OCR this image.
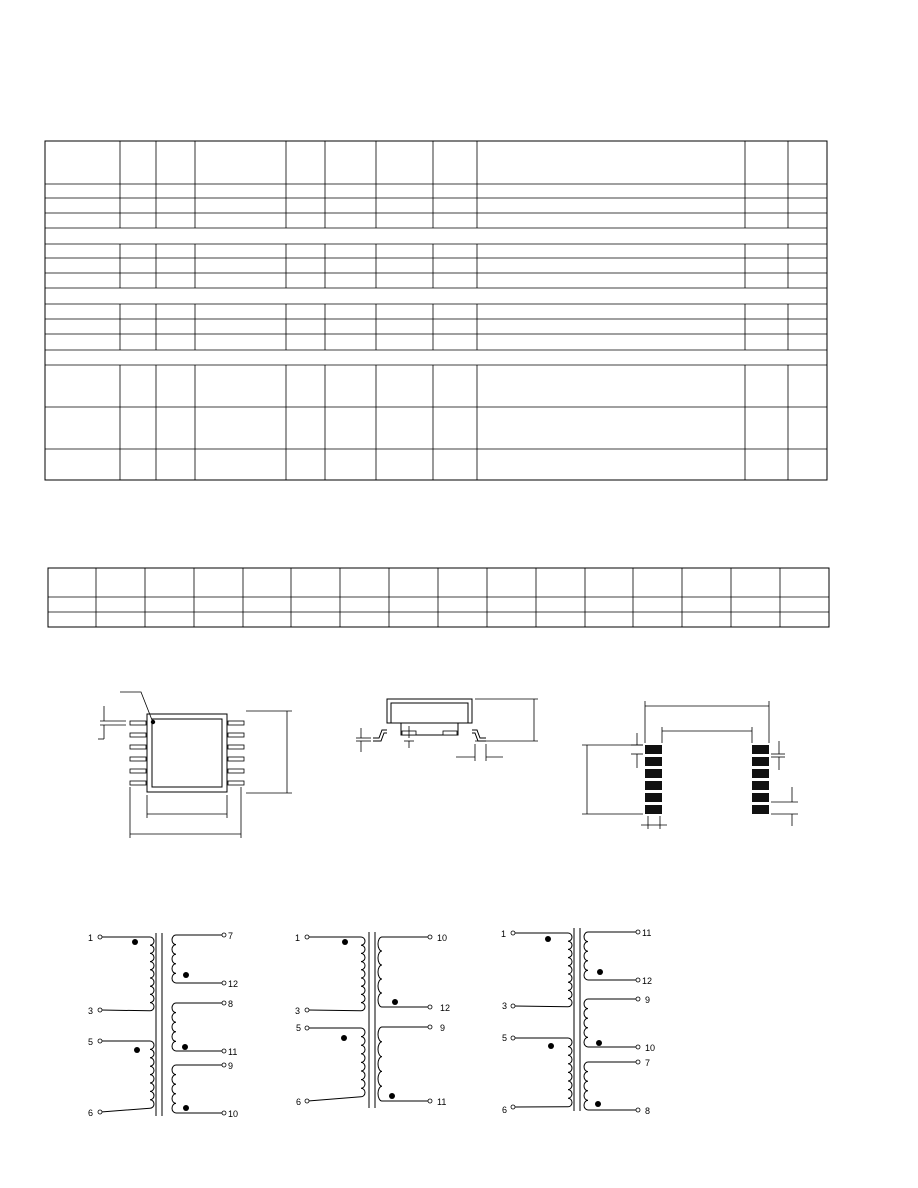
1
3
5
6
7
12
8
11
9
10
1
3
5
6
10
12
9
11
1
3
5
6
11
12
9
10
7
8
